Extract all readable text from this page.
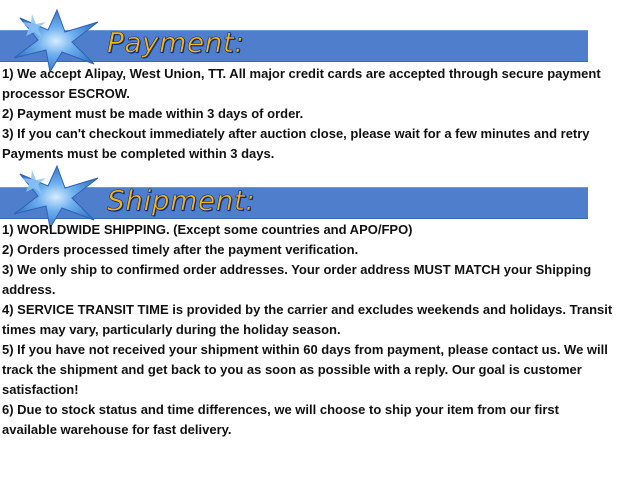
Payment:

1) We accept Alipay, West Union, TT. All major credit cards are accepted through secure payment processor ESCROW.

2) Payment must be made within 3 days of order.

3) If you can't checkout immediately after auction close, please wait for a few minutes and retry Payments must be completed within 3 days.

Shipment:

1) WORLDWIDE SHIPPING. (Except some countries and APO/FPO)

2) Orders processed timely after the payment verification.

3) We only ship to confirmed order addresses. Your order address MUST MATCH your Shipping address.

4) SERVICE TRANSIT TIME is provided by the carrier and excludes weekends and holidays. Transit times may vary, particularly during the holiday season.

5) If you have not received your shipment within 60 days from payment, please contact us. We will track the shipment and get back to you as soon as possible with a reply. Our goal is customer satisfaction!

6) Due to stock status and time differences, we will choose to ship your item from our first available warehouse for fast delivery.
